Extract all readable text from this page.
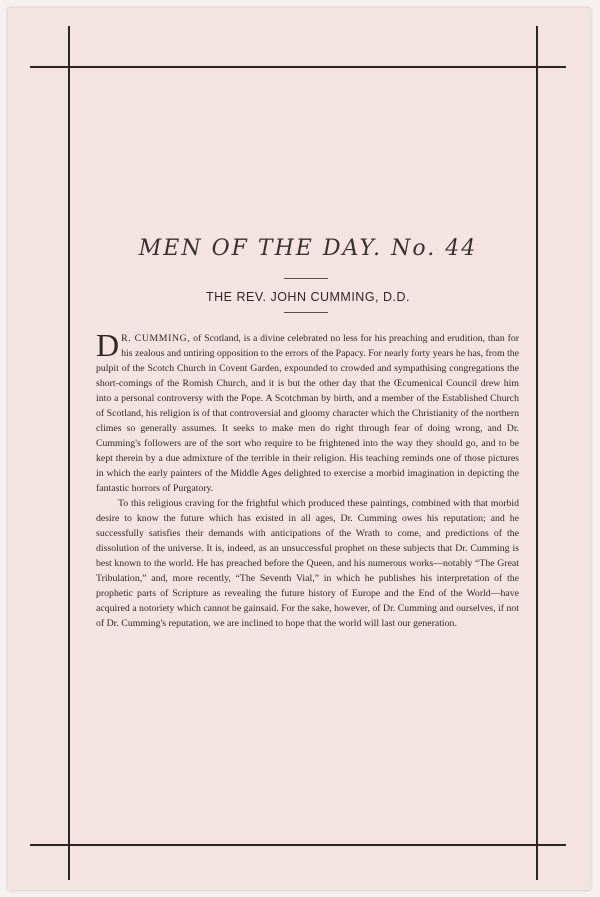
MEN OF THE DAY. No. 44
THE REV. JOHN CUMMING, D.D.

D R. CUMMING, of Scotland, is a divine celebrated no less for his preaching and erudition, than for his zealous and untiring opposition to the errors of the Papacy. For nearly forty years he has, from the pulpit of the Scotch Church in Covent Garden, expounded to crowded and sympathising congregations the short-comings of the Romish Church, and it is but the other day that the Œcumenical Council drew him into a personal controversy with the Pope. A Scotchman by birth, and a member of the Established Church of Scotland, his religion is of that controversial and gloomy character which the Christianity of the northern climes so generally assumes. It seeks to make men do right through fear of doing wrong, and Dr. Cumming's followers are of the sort who require to be frightened into the way they should go, and to be kept therein by a due admixture of the terrible in their religion. His teaching reminds one of those pictures in which the early painters of the Middle Ages delighted to exercise a morbid imagination in depicting the fantastic horrors of Purgatory.

To this religious craving for the frightful which produced these paintings, combined with that morbid desire to know the future which has existed in all ages, Dr. Cumming owes his reputation; and he successfully satisfies their demands with anticipations of the Wrath to come, and predictions of the dissolution of the universe. It is, indeed, as an unsuccessful prophet on these subjects that Dr. Cumming is best known to the world. He has preached before the Queen, and his numerous works—notably “The Great Tribulation,” and, more recently, “The Seventh Vial,” in which he publishes his interpretation of the prophetic parts of Scripture as revealing the future history of Europe and the End of the World—have acquired a notoriety which cannot be gainsaid. For the sake, however, of Dr. Cumming and ourselves, if not of Dr. Cumming's reputation, we are inclined to hope that the world will last our generation.
